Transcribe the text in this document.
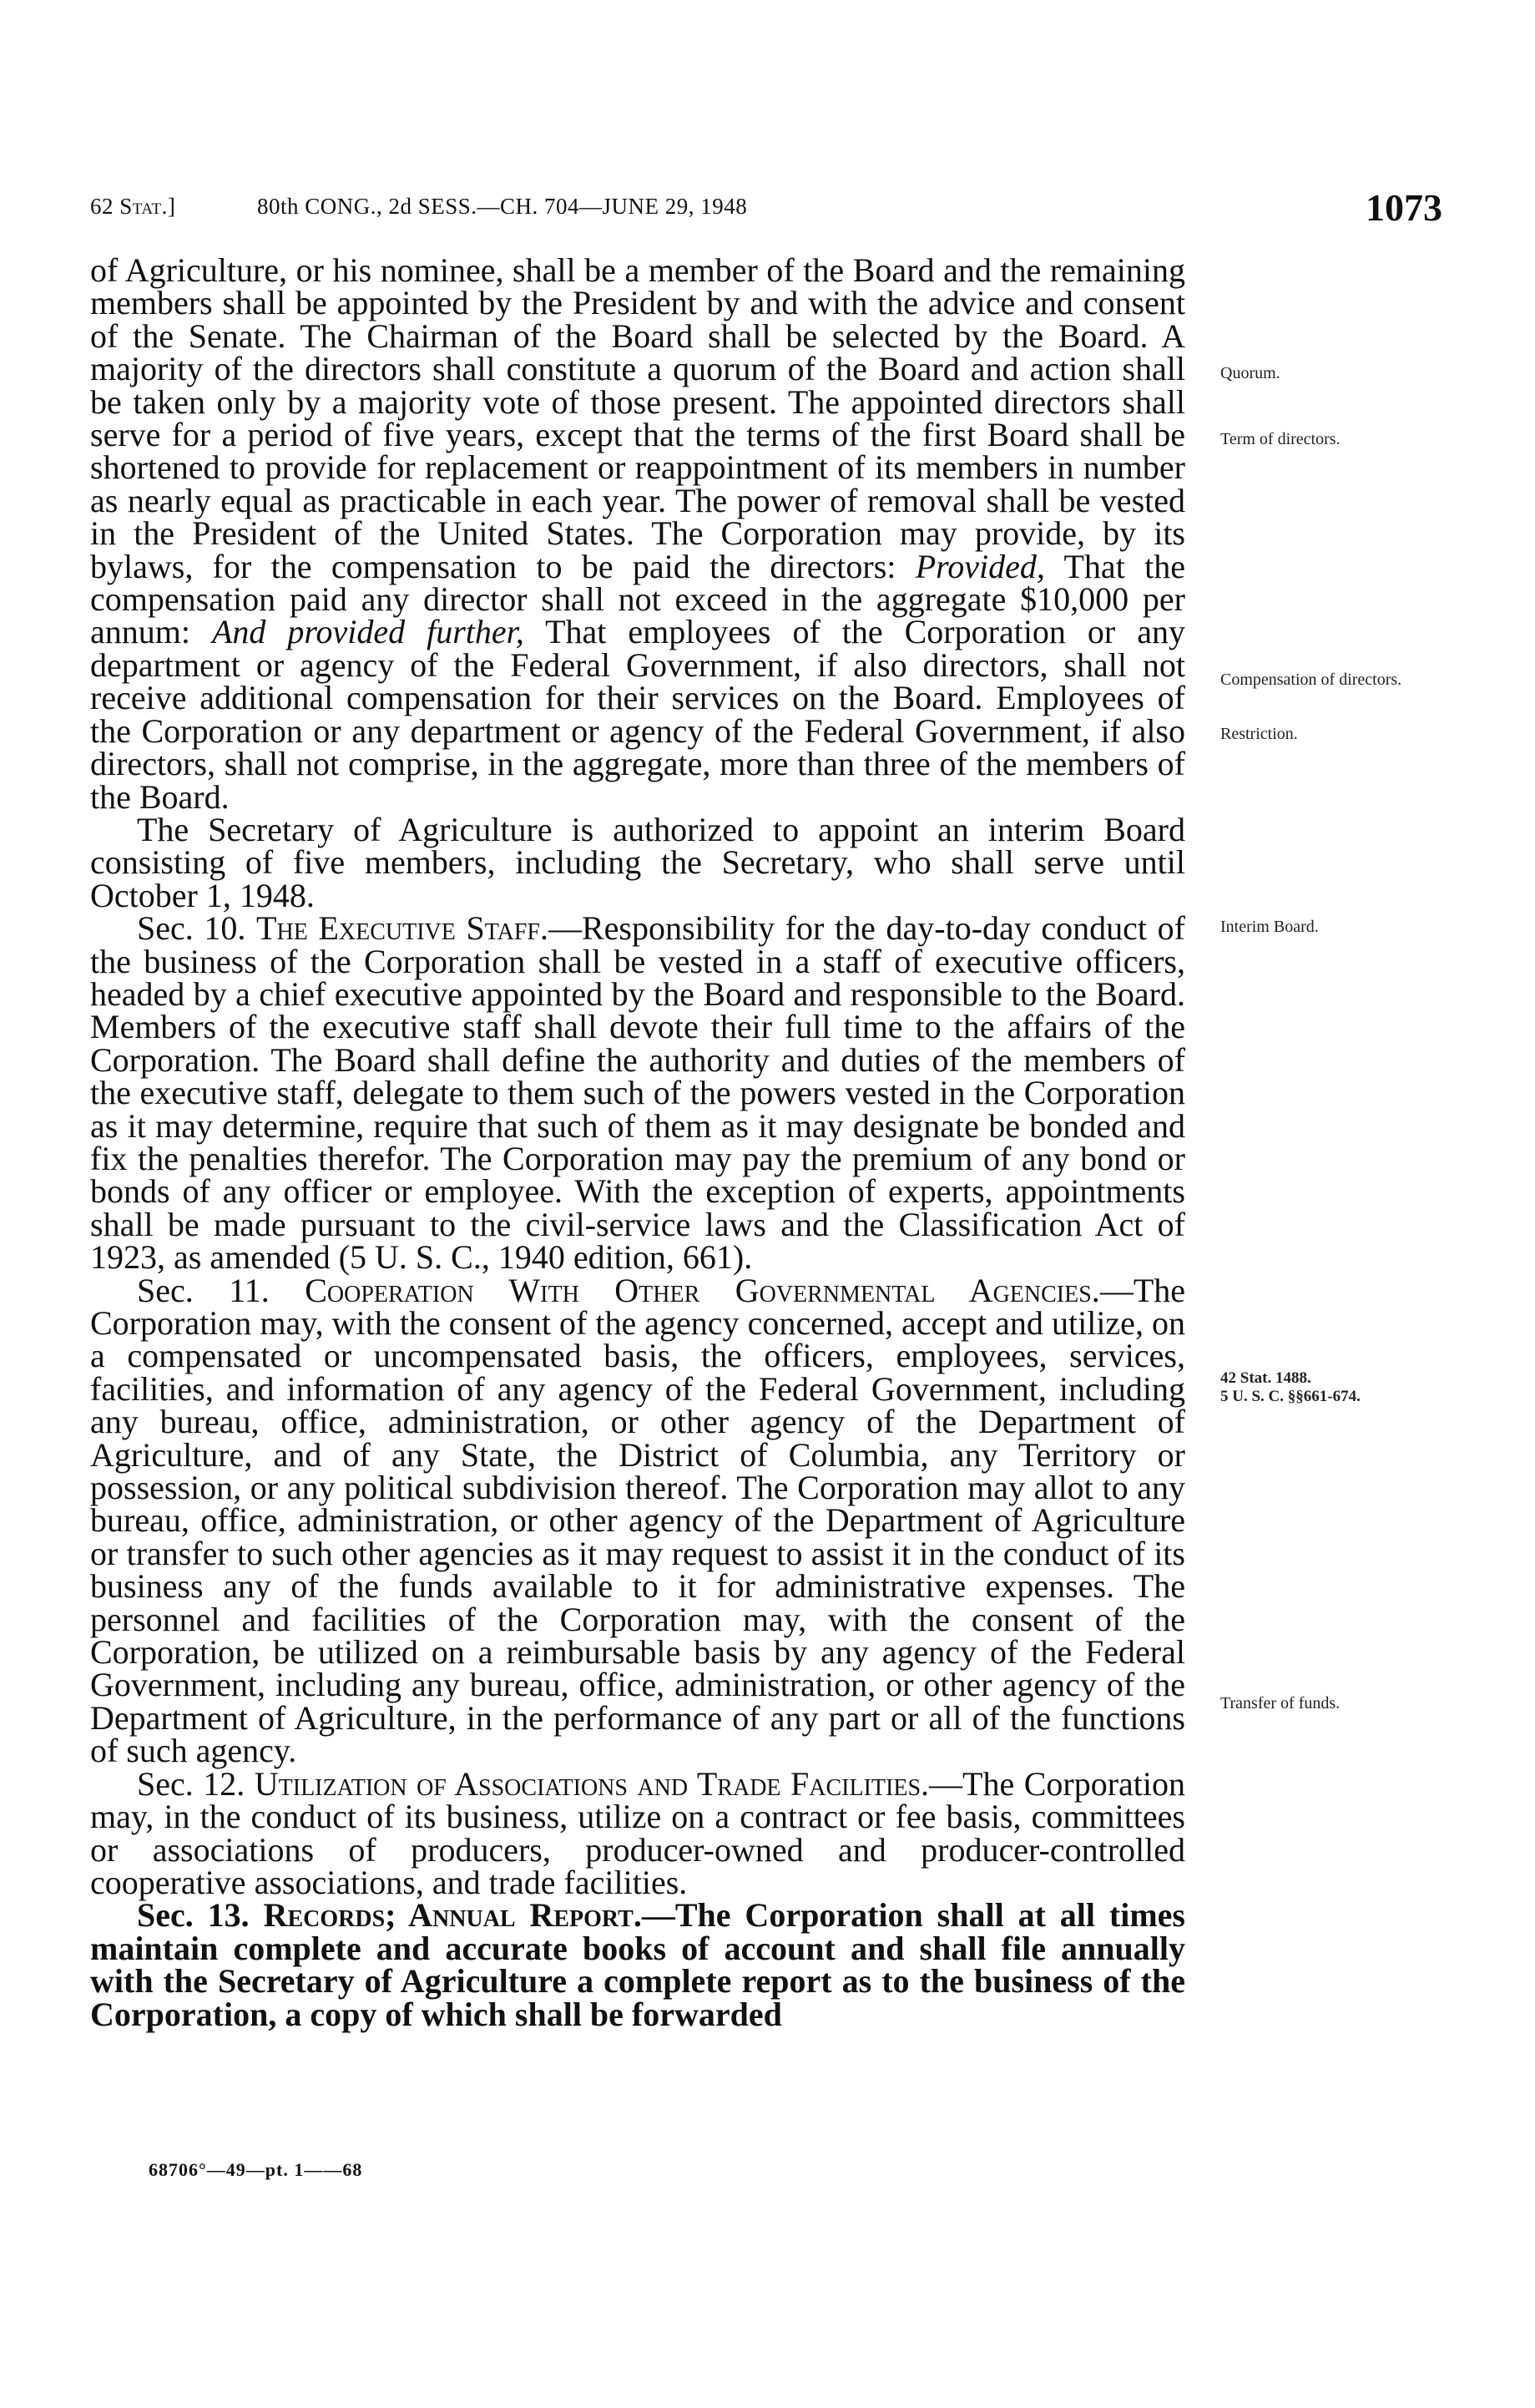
62 Stat.]	80th CONG., 2d SESS.—CH. 704—JUNE 29, 1948	1073

of Agriculture, or his nominee, shall be a member of the Board and the remaining members shall be appointed by the President by and with the advice and consent of the Senate. The Chairman of the Board shall be selected by the Board. A majority of the directors shall constitute a quorum of the Board and action shall be taken only by a majority vote of those present. The appointed directors shall serve for a period of five years, except that the terms of the first Board shall be shortened to provide for replacement or reappointment of its members in number as nearly equal as practicable in each year. The power of removal shall be vested in the President of the United States. The Corporation may provide, by its bylaws, for the compensation to be paid the directors: Provided, That the compensation paid any director shall not exceed in the aggregate $10,000 per annum: And provided further, That employees of the Corporation or any department or agency of the Federal Government, if also directors, shall not receive additional compensation for their services on the Board. Employees of the Corporation or any department or agency of the Federal Government, if also directors, shall not comprise, in the aggregate, more than three of the members of the Board.

The Secretary of Agriculture is authorized to appoint an interim Board consisting of five members, including the Secretary, who shall serve until October 1, 1948.

Sec. 10. The Executive Staff.—Responsibility for the day-to-day conduct of the business of the Corporation shall be vested in a staff of executive officers, headed by a chief executive appointed by the Board and responsible to the Board. Members of the executive staff shall devote their full time to the affairs of the Corporation. The Board shall define the authority and duties of the members of the executive staff, delegate to them such of the powers vested in the Corporation as it may determine, require that such of them as it may designate be bonded and fix the penalties therefor. The Corporation may pay the premium of any bond or bonds of any officer or employee. With the exception of experts, appointments shall be made pursuant to the civil-service laws and the Classification Act of 1923, as amended (5 U. S. C., 1940 edition, 661).

Sec. 11. Cooperation With Other Governmental Agencies.—The Corporation may, with the consent of the agency concerned, accept and utilize, on a compensated or uncompensated basis, the officers, employees, services, facilities, and information of any agency of the Federal Government, including any bureau, office, administration, or other agency of the Department of Agriculture, and of any State, the District of Columbia, any Territory or possession, or any political subdivision thereof. The Corporation may allot to any bureau, office, administration, or other agency of the Department of Agriculture or transfer to such other agencies as it may request to assist it in the conduct of its business any of the funds available to it for administrative expenses. The personnel and facilities of the Corporation may, with the consent of the Corporation, be utilized on a reimbursable basis by any agency of the Federal Government, including any bureau, office, administration, or other agency of the Department of Agriculture, in the performance of any part or all of the functions of such agency.

Sec. 12. Utilization of Associations and Trade Facilities.—The Corporation may, in the conduct of its business, utilize on a contract or fee basis, committees or associations of producers, producer-owned and producer-controlled cooperative associations, and trade facilities.

Sec. 13. Records; Annual Report.—The Corporation shall at all times maintain complete and accurate books of account and shall file annually with the Secretary of Agriculture a complete report as to the business of the Corporation, a copy of which shall be forwarded

Quorum.
Term of directors.
Compensation of directors.
Restriction.
Interim Board.
42 Stat. 1488.
5 U. S. C. §§661-674.
Transfer of funds.
68706°—49—pt. 1——68
